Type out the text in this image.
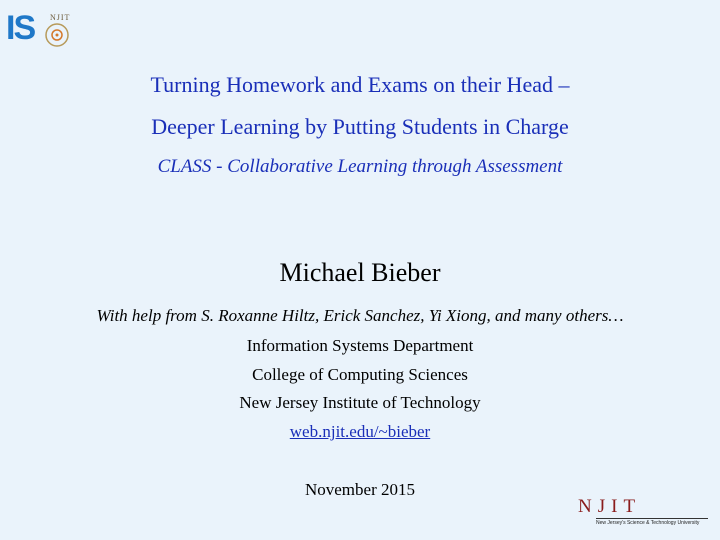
IS NJIT
Turning Homework and Exams on their Head –
Deeper Learning by Putting Students in Charge
CLASS - Collaborative Learning through Assessment
Michael Bieber
With help from S. Roxanne Hiltz, Erick Sanchez, Yi Xiong, and many others…
Information Systems Department
College of Computing Sciences
New Jersey Institute of Technology
web.njit.edu/~bieber
November 2015
NJIT
New Jersey's Science & Technology University
